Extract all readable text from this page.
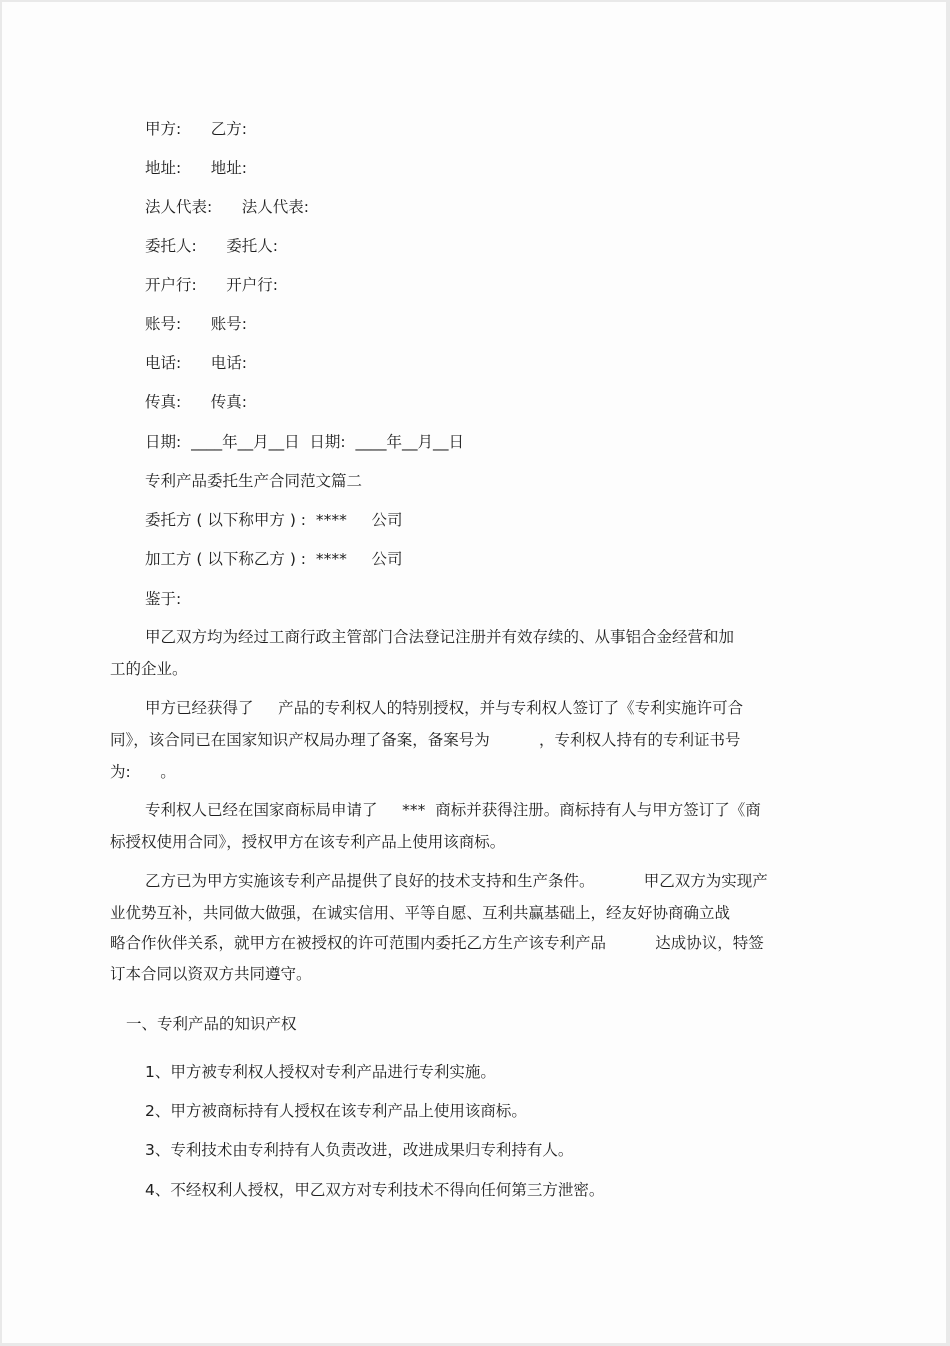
甲方:      乙方:
地址:      地址:
法人代表:      法人代表:
委托人:      委托人:
开户行:      开户行:
账号:      账号:
电话:      电话:
传真:      传真:
日期:  ____年__月__日  日期:  ____年__月__日
专利产品委托生产合同范文篇二
委托方 ( 以下称甲方 ) :  ****     公司
加工方 ( 以下称乙方 ) :  ****     公司
鉴于:
甲乙双方均为经过工商行政主管部门合法登记注册并有效存续的、从事铝合金经营和加
工的企业。
甲方已经获得了     产品的专利权人的特别授权，并与专利权人签订了《专利实施许可合
同》，该合同已在国家知识产权局办理了备案，备案号为          ，专利权人持有的专利证书号
为:      。
专利权人已经在国家商标局申请了     ***  商标并获得注册。商标持有人与甲方签订了《商
标授权使用合同》，授权甲方在该专利产品上使用该商标。
乙方已为甲方实施该专利产品提供了良好的技术支持和生产条件。          甲乙双方为实现产
业优势互补，共同做大做强，在诚实信用、平等自愿、互利共赢基础上，经友好协商确立战
略合作伙伴关系，就甲方在被授权的许可范围内委托乙方生产该专利产品          达成协议，特签
订本合同以资双方共同遵守。
一、专利产品的知识产权
1、甲方被专利权人授权对专利产品进行专利实施。
2、甲方被商标持有人授权在该专利产品上使用该商标。
3、专利技术由专利持有人负责改进，改进成果归专利持有人。
4、不经权利人授权，甲乙双方对专利技术不得向任何第三方泄密。
